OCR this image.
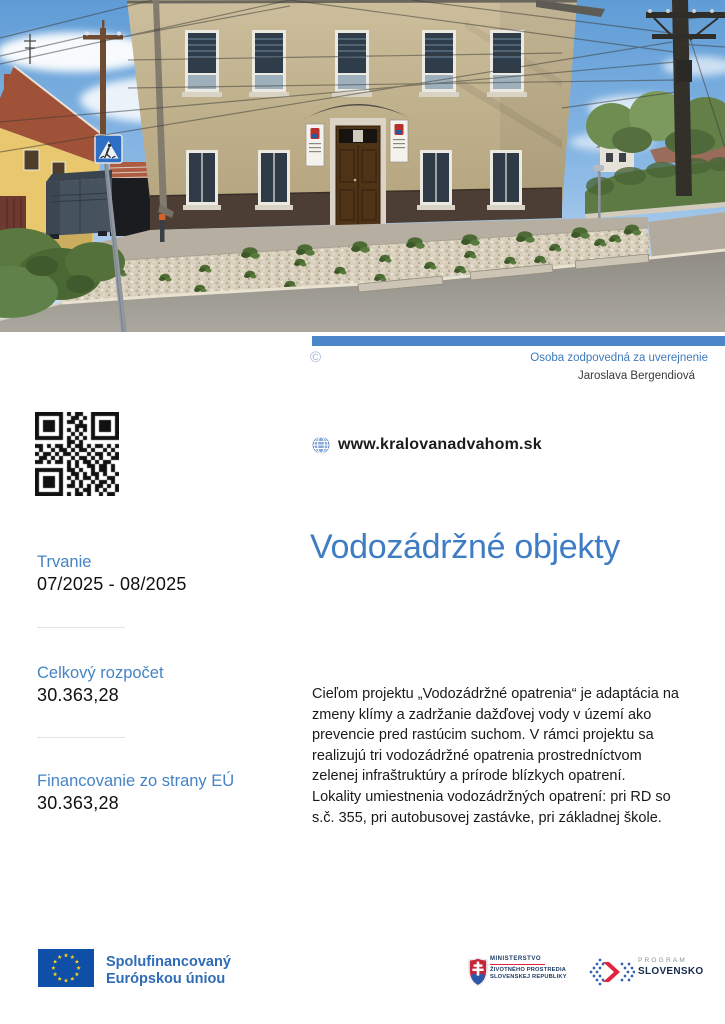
©	Osoba zodpovedná za uverejnenie
Jaroslava Bergendiová
www.kralovanadvahom.sk
Trvanie
07/2025 - 08/2025
Celkový rozpočet
30.363,28
Financovanie zo strany EÚ
30.363,28
Vodozádržné objekty

Cieľom projektu „Vodozádržné opatrenia“ je adaptácia na zmeny klímy a zadržanie dažďovej vody v území ako prevencie pred rastúcim suchom. V rámci projektu sa realizujú tri vodozádržné opatrenia prostredníctvom zelenej infraštruktúry a prírode blízkych opatrení.

Lokality umiestnenia vodozádržných opatrení: pri RD so s.č. 355, pri autobusovej zastávke, pri základnej škole.

Spolufinancovaný
Európskou úniou
MINISTERSTVO
ŽIVOTNÉHO PROSTREDIA
SLOVENSKEJ REPUBLIKY
PROGRAM
SLOVENSKO
